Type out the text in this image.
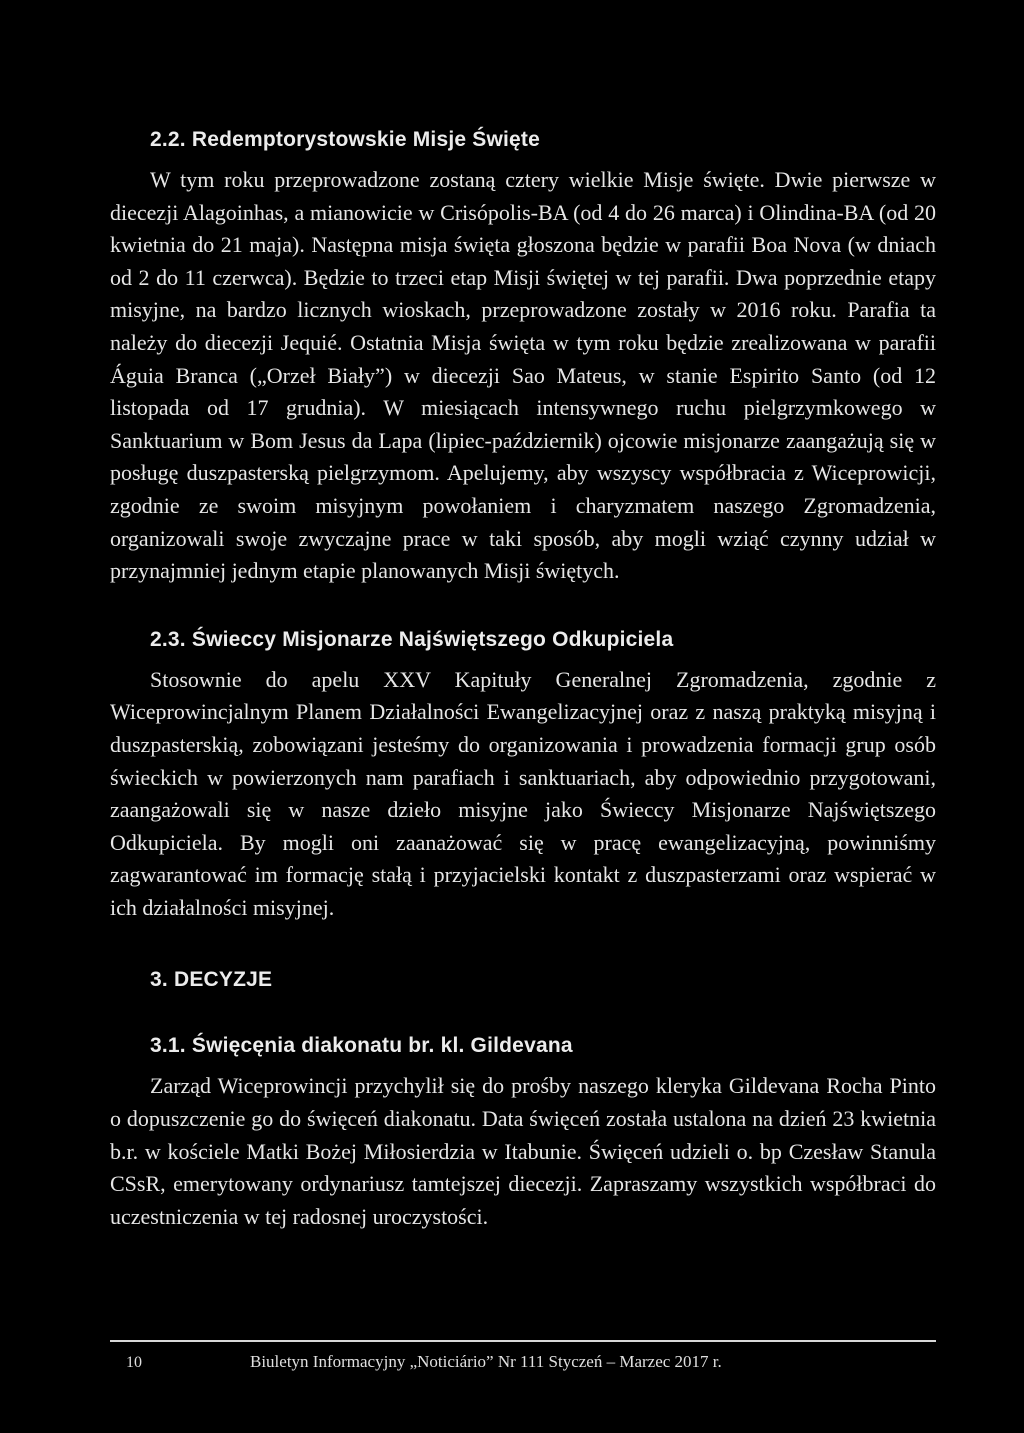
2.2. Redemptorystowskie Misje Święte

W tym roku przeprowadzone zostaną cztery wielkie Misje święte. Dwie pierwsze w diecezji Alagoinhas, a mianowicie w Crisópolis-BA (od 4 do 26 marca) i Olindina-BA (od 20 kwietnia do 21 maja). Następna misja święta głoszona będzie w parafii Boa Nova (w dniach od 2 do 11 czerwca). Będzie to trzeci etap Misji świętej w tej parafii. Dwa poprzednie etapy misyjne, na bardzo licznych wioskach, przeprowadzone zostały w 2016 roku. Parafia ta należy do diecezji Jequié. Ostatnia Misja święta w tym roku będzie zrealizowana w parafii Águia Branca („Orzeł Biały”) w diecezji Sao Mateus, w stanie Espirito Santo (od 12 listopada od 17 grudnia). W miesiącach intensywnego ruchu pielgrzymkowego w Sanktuarium w Bom Jesus da Lapa (lipiec-październik) ojcowie misjonarze zaangażują się w posługę duszpasterską pielgrzymom. Apelujemy, aby wszyscy współbracia z Wiceprowicji, zgodnie ze swoim misyjnym powołaniem i charyzmatem naszego Zgromadzenia, organizowali swoje zwyczajne prace w taki sposób, aby mogli wziąć czynny udział w przynajmniej jednym etapie planowanych Misji świętych.

2.3. Świeccy Misjonarze Najświętszego Odkupiciela

Stosownie do apelu XXV Kapituły Generalnej Zgromadzenia, zgodnie z Wiceprowincjalnym Planem Działalności Ewangelizacyjnej oraz z naszą praktyką misyjną i duszpasterskią, zobowiązani jesteśmy do organizowania i prowadzenia formacji grup osób świeckich w powierzonych nam parafiach i sanktuariach, aby odpowiednio przygotowani, zaangażowali się w nasze dzieło misyjne jako Świeccy Misjonarze Najświętszego Odkupiciela. By mogli oni zaanażować się w pracę ewangelizacyjną, powinniśmy zagwarantować im formację stałą i przyjacielski kontakt z duszpasterzami oraz wspierać w ich działalności misyjnej.

3. DECYZJE
3.1. Święcęnia diakonatu br. kl. Gildevana

Zarząd Wiceprowincji przychylił się do prośby naszego kleryka Gildevana Rocha Pinto o dopuszczenie go do święceń diakonatu. Data święceń została ustalona na dzień 23 kwietnia b.r. w kościele Matki Bożej Miłosierdzia w Itabunie. Święceń udzieli o. bp Czesław Stanula CSsR, emerytowany ordynariusz tamtejszej diecezji. Zapraszamy wszystkich współbraci do uczestniczenia w tej radosnej uroczystości.

10	Biuletyn Informacyjny „Noticiário” Nr 111 Styczeń – Marzec 2017 r.
